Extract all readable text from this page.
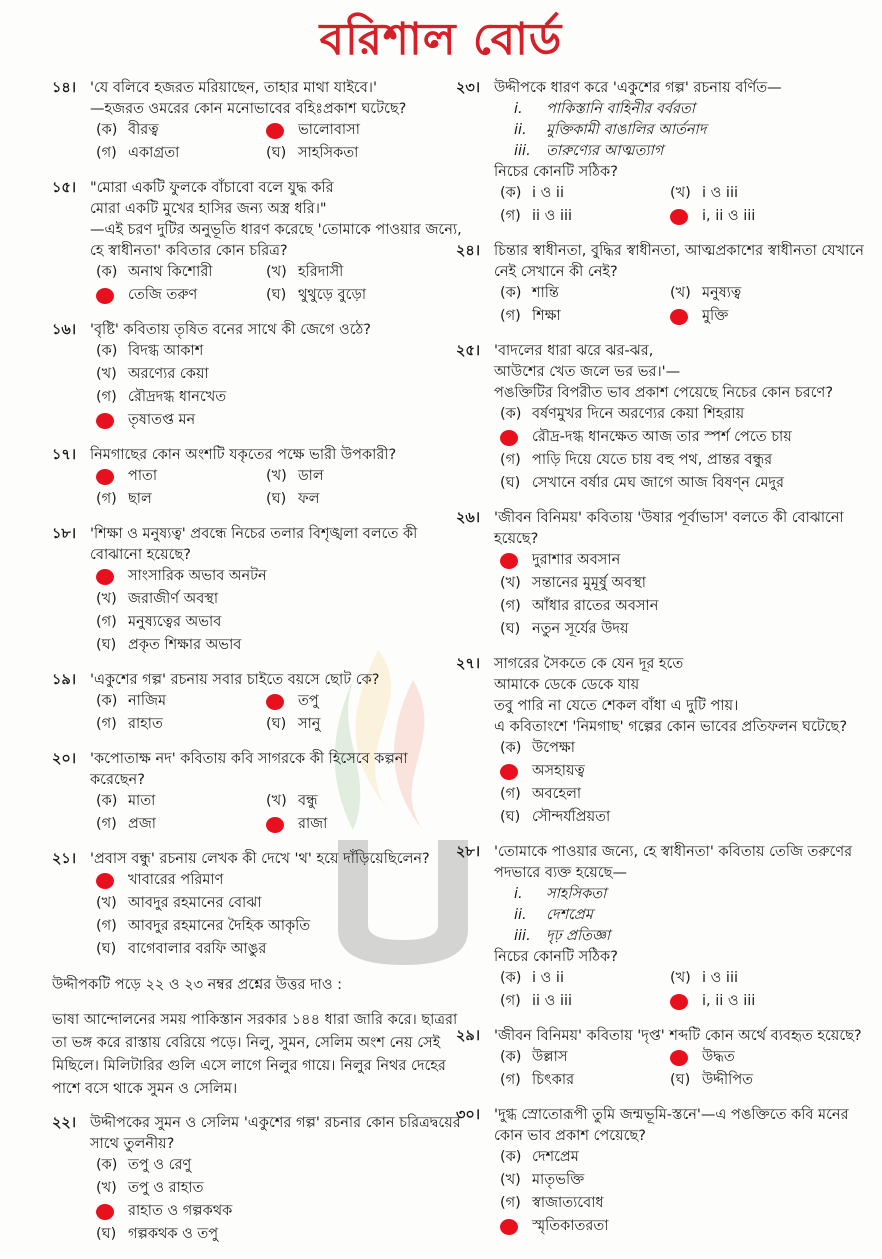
বরিশাল বোর্ড
১৪। 'যে বলিবে হজরত মরিয়াছেন, তাহার মাথা যাইবে।'
—হজরত ওমরের কোন মনোভাবের বহিঃপ্রকাশ ঘটেছে?
(ক) বীরত্ব	ভালোবাসা
(গ) একাগ্রতা	(ঘ) সাহসিকতা
১৫। "মোরা একটি ফুলকে বাঁচাবো বলে যুদ্ধ করি
মোরা একটি মুখের হাসির জন্য অস্ত্র ধরি।"
—এই চরণ দুটির অনুভূতি ধারণ করেছে 'তোমাকে পাওয়ার জন্যে, হে স্বাধীনতা' কবিতার কোন চরিত্র?
(ক) অনাথ কিশোরী	(খ) হরিদাসী
তেজি তরুণ	(ঘ) থুথুড়ে বুড়ো
১৬। 'বৃষ্টি' কবিতায় তৃষিত বনের সাথে কী জেগে ওঠে?
(ক) বিদগ্ধ আকাশ
(খ) অরণ্যের কেয়া
(গ) রৌদ্রদগ্ধ ধানখেত
তৃষাতপ্ত মন
১৭। নিমগাছের কোন অংশটি যকৃতের পক্ষে ভারী উপকারী?
পাতা	(খ) ডাল
(গ) ছাল	(ঘ) ফল
১৮। 'শিক্ষা ও মনুষ্যত্ব' প্রবন্ধে নিচের তলার বিশৃঙ্খলা বলতে কী বোঝানো হয়েছে?
সাংসারিক অভাব অনটন
(খ) জরাজীর্ণ অবস্থা
(গ) মনুষ্যত্বের অভাব
(ঘ) প্রকৃত শিক্ষার অভাব
১৯। 'একুশের গল্প' রচনায় সবার চাইতে বয়সে ছোট কে?
(ক) নাজিম	তপু
(গ) রাহাত	(ঘ) সানু
২০। 'কপোতাক্ষ নদ' কবিতায় কবি সাগরকে কী হিসেবে কল্পনা করেছেন?
(ক) মাতা	(খ) বন্ধু
(গ) প্রজা	রাজা
২১। 'প্রবাস বন্ধু' রচনায় লেখক কী দেখে 'থ' হয়ে দাঁড়িয়েছিলেন?
খাবারের পরিমাণ
(খ) আবদুর রহমানের বোঝা
(গ) আবদুর রহমানের দৈহিক আকৃতি
(ঘ) বাগেবালার বরফি আঙুর
উদ্দীপকটি পড়ে ২২ ও ২৩ নম্বর প্রশ্নের উত্তর দাও :
ভাষা আন্দোলনের সময় পাকিস্তান সরকার ১৪৪ ধারা জারি করে। ছাত্ররা তা ভঙ্গ করে রাস্তায় বেরিয়ে পড়ে। নিলু, সুমন, সেলিম অংশ নেয় সেই মিছিলে। মিলিটারির গুলি এসে লাগে নিলুর গায়ে। নিলুর নিথর দেহের পাশে বসে থাকে সুমন ও সেলিম।
২২। উদ্দীপকের সুমন ও সেলিম 'একুশের গল্প' রচনার কোন চরিত্রদ্বয়ের সাথে তুলনীয়?
(ক) তপু ও রেণু
(খ) তপু ও রাহাত
রাহাত ও গল্পকথক
(ঘ) গল্পকথক ও তপু
২৩। উদ্দীপকে ধারণ করে 'একুশের গল্প' রচনায় বর্ণিত—
i.	পাকিস্তানি বাহিনীর বর্বরতা
ii.	মুক্তিকামী বাঙালির আর্তনাদ
iii.	তারুণ্যের আত্মত্যাগ
নিচের কোনটি সঠিক?
(ক) i ও ii	(খ) i ও iii
(গ) ii ও iii	i, ii ও iii
২৪। চিন্তার স্বাধীনতা, বুদ্ধির স্বাধীনতা, আত্মপ্রকাশের স্বাধীনতা যেখানে নেই সেখানে কী নেই?
(ক) শান্তি	(খ) মনুষ্যত্ব
(গ) শিক্ষা	মুক্তি
২৫। 'বাদলের ধারা ঝরে ঝর-ঝর,
আউশের খেত জলে ভর ভর।'—
পঙক্তিটির বিপরীত ভাব প্রকাশ পেয়েছে নিচের কোন চরণে?
(ক) বর্ষণমুখর দিনে অরণ্যের কেয়া শিহরায়
রৌদ্র-দগ্ধ ধানক্ষেত আজ তার স্পর্শ পেতে চায়
(গ) পাড়ি দিয়ে যেতে চায় বহু পথ, প্রান্তর বন্ধুর
(ঘ) সেখানে বর্ষার মেঘ জাগে আজ বিষণ্ন মেদুর
২৬। 'জীবন বিনিময়' কবিতায় 'উষার পূর্বাভাস' বলতে কী বোঝানো হয়েছে?
দুরাশার অবসান
(খ) সন্তানের মুমূর্ষু অবস্থা
(গ) আঁধার রাতের অবসান
(ঘ) নতুন সূর্যের উদয়
২৭। সাগরের সৈকতে কে যেন দূর হতে
আমাকে ডেকে ডেকে যায়
তবু পারি না যেতে শেকল বাঁধা এ দুটি পায়।
এ কবিতাংশে 'নিমগাছ' গল্পের কোন ভাবের প্রতিফলন ঘটেছে?
(ক) উপেক্ষা
অসহায়ত্ব
(গ) অবহেলা
(ঘ) সৌন্দর্যপ্রিয়তা
২৮। 'তোমাকে পাওয়ার জন্যে, হে স্বাধীনতা' কবিতায় তেজি তরুণের পদভারে ব্যক্ত হয়েছে—
i.	সাহসিকতা
ii.	দেশপ্রেম
iii.	দৃঢ় প্রতিজ্ঞা
নিচের কোনটি সঠিক?
(ক) i ও ii	(খ) i ও iii
(গ) ii ও iii	i, ii ও iii
২৯। 'জীবন বিনিময়' কবিতায় 'দৃপ্ত' শব্দটি কোন অর্থে ব্যবহৃত হয়েছে?
(ক) উল্লাস	উদ্ধত
(গ) চিৎকার	(ঘ) উদ্দীপিত
৩০। 'দুগ্ধ স্রোতোরূপী তুমি জন্মভূমি-স্তনে'—এ পঙক্তিতে কবি মনের কোন ভাব প্রকাশ পেয়েছে?
(ক) দেশপ্রেম
(খ) মাতৃভক্তি
(গ) স্বাজাত্যবোধ
স্মৃতিকাতরতা
